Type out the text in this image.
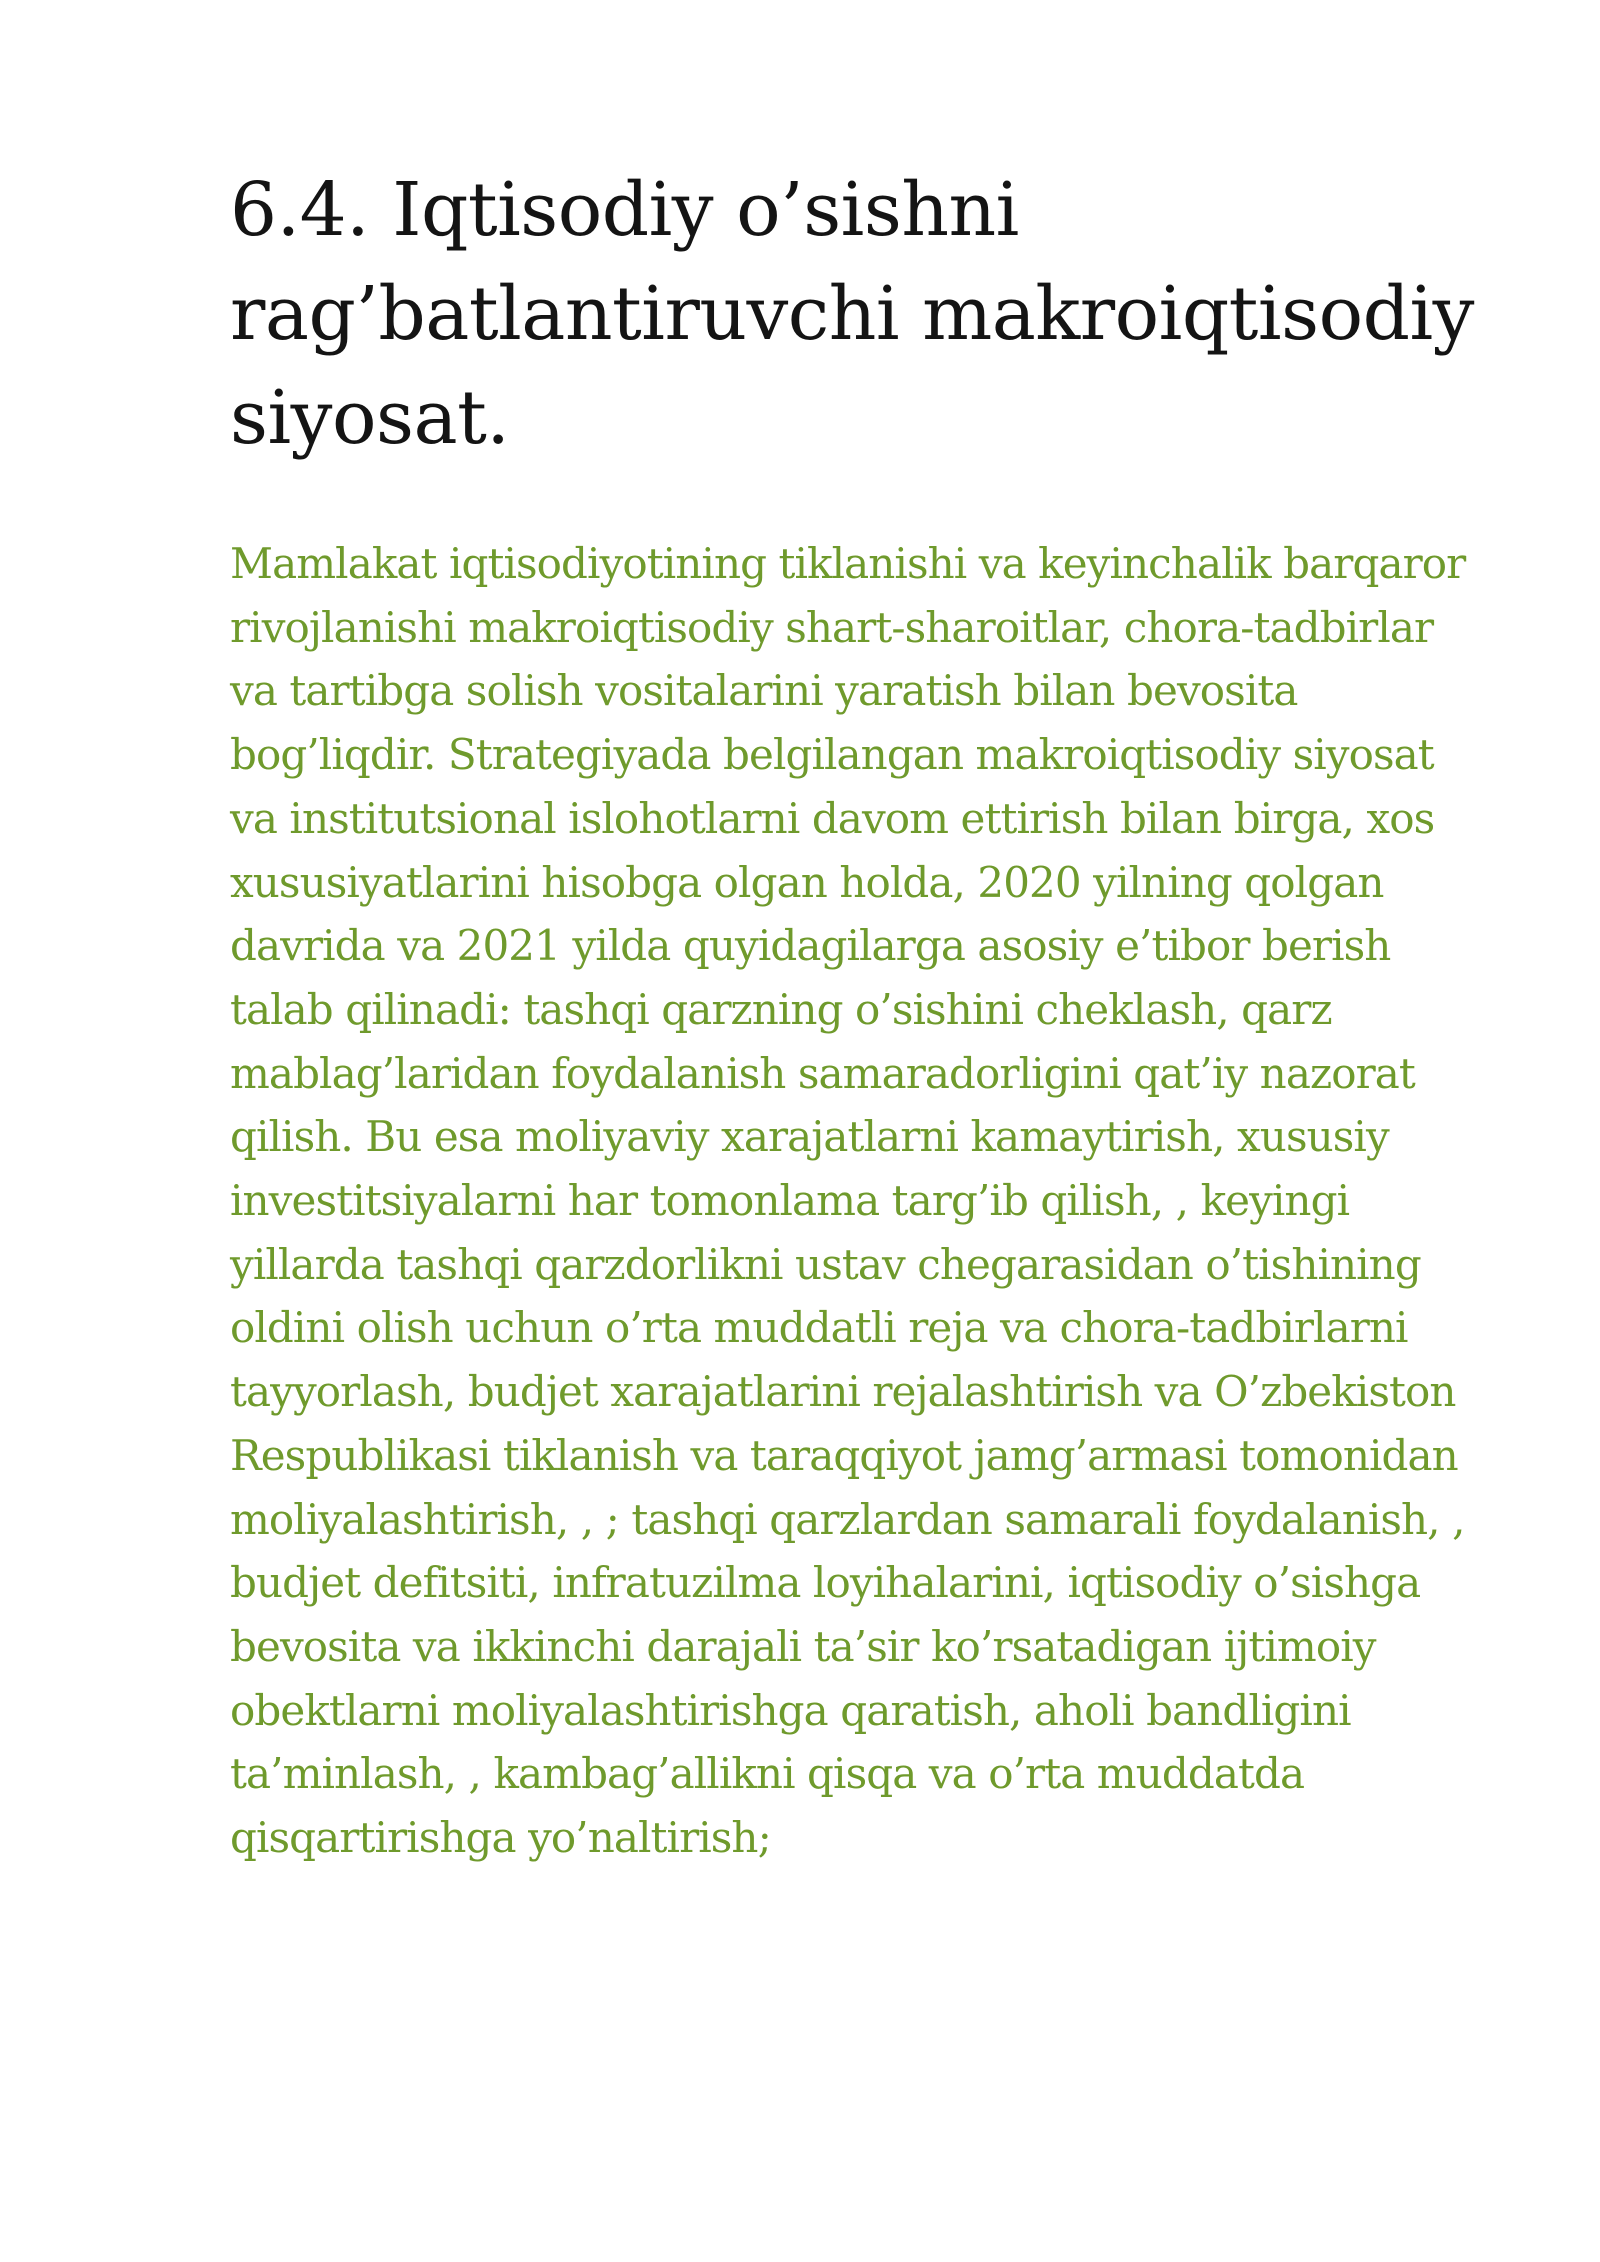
6.4. Iqtisodiy o’sishni
rag’batlantiruvchi makroiqtisodiy
siyosat.

Mamlakat iqtisodiyotining tiklanishi va keyinchalik barqaror
rivojlanishi makroiqtisodiy shart-sharoitlar, chora-tadbirlar
va tartibga solish vositalarini yaratish bilan bevosita
bog’liqdir. Strategiyada belgilangan makroiqtisodiy siyosat
va institutsional islohotlarni davom ettirish bilan birga, xos
xususiyatlarini hisobga olgan holda, 2020 yilning qolgan
davrida va 2021 yilda quyidagilarga asosiy e’tibor berish
talab qilinadi: tashqi qarzning o’sishini cheklash, qarz
mablag’laridan foydalanish samaradorligini qat’iy nazorat
qilish. Bu esa moliyaviy xarajatlarni kamaytirish, xususiy
investitsiyalarni har tomonlama targ’ib qilish, , keyingi
yillarda tashqi qarzdorlikni ustav chegarasidan o’tishining
oldini olish uchun o’rta muddatli reja va chora-tadbirlarni
tayyorlash, budjet xarajatlarini rejalashtirish va O’zbekiston
Respublikasi tiklanish va taraqqiyot jamg’armasi tomonidan
moliyalashtirish, , ; tashqi qarzlardan samarali foydalanish, ,
budjet defitsiti, infratuzilma loyihalarini, iqtisodiy o’sishga
bevosita va ikkinchi darajali ta’sir ko’rsatadigan ijtimoiy
obektlarni moliyalashtirishga qaratish, aholi bandligini
ta’minlash, , kambag’allikni qisqa va o’rta muddatda
qisqartirishga yo’naltirish;
